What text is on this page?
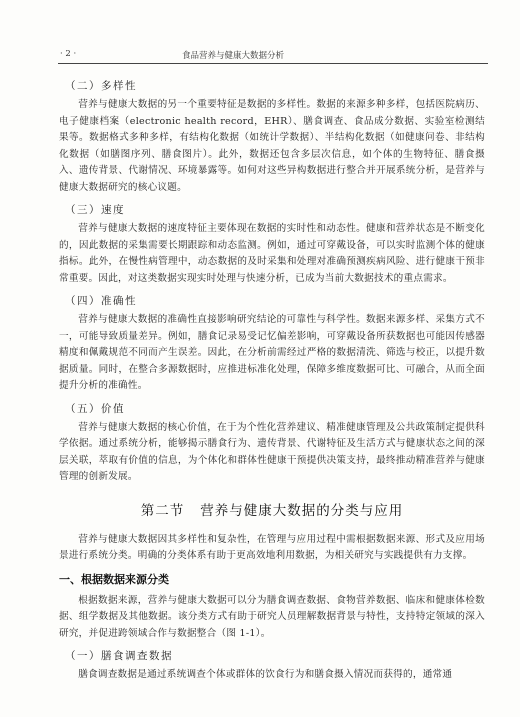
· 2 ·	食品营养与健康大数据分析
（二）多样性

营养与健康大数据的另一个重要特征是数据的多样性。数据的来源多种多样，包括医院病历、电子健康档案（electronic health record，EHR）、膳食调查、食品成分数据、实验室检测结果等。数据格式多种多样，有结构化数据（如统计学数据）、半结构化数据（如健康问卷、非结构化数据（如膳图序列、膳食图片）。此外，数据还包含多层次信息，如个体的生物特征、膳食摄入、遗传背景、代谢情况、环境暴露等。如何对这些异构数据进行整合并开展系统分析，是营养与健康大数据研究的核心议题。

（三）速度

营养与健康大数据的速度特征主要体现在数据的实时性和动态性。健康和营养状态是不断变化的，因此数据的采集需要长期跟踪和动态监测。例如，通过可穿戴设备，可以实时监测个体的健康指标。此外，在慢性病管理中，动态数据的及时采集和处理对准确预测疾病风险、进行健康干预非常重要。因此，对这类数据实现实时处理与快速分析，已成为当前大数据技术的重点需求。

（四）准确性

营养与健康大数据的准确性直接影响研究结论的可靠性与科学性。数据来源多样、采集方式不一，可能导致质量差异。例如，膳食记录易受记忆偏差影响，可穿戴设备所获数据也可能因传感器精度和佩戴规范不同而产生误差。因此，在分析前需经过严格的数据清洗、筛选与校正，以提升数据质量。同时，在整合多源数据时，应推进标准化处理，保障多维度数据可比、可融合，从而全面提升分析的准确性。

（五）价值

营养与健康大数据的核心价值，在于为个性化营养建议、精准健康管理及公共政策制定提供科学依据。通过系统分析，能够揭示膳食行为、遗传背景、代谢特征及生活方式与健康状态之间的深层关联，萃取有价值的信息，为个体化和群体性健康干预提供决策支持，最终推动精准营养与健康管理的创新发展。

第二节 营养与健康大数据的分类与应用

营养与健康大数据因其多样性和复杂性，在管理与应用过程中需根据数据来源、形式及应用场景进行系统分类。明确的分类体系有助于更高效地利用数据，为相关研究与实践提供有力支撑。

一、根据数据来源分类

根据数据来源，营养与健康大数据可以分为膳食调查数据、食物营养数据、临床和健康体检数据、组学数据及其他数据。该分类方式有助于研究人员理解数据背景与特性，支持特定领域的深入研究，并促进跨领域合作与数据整合（图 1-1）。

（一）膳食调查数据

膳食调查数据是通过系统调查个体或群体的饮食行为和膳食摄入情况而获得的，通常通
